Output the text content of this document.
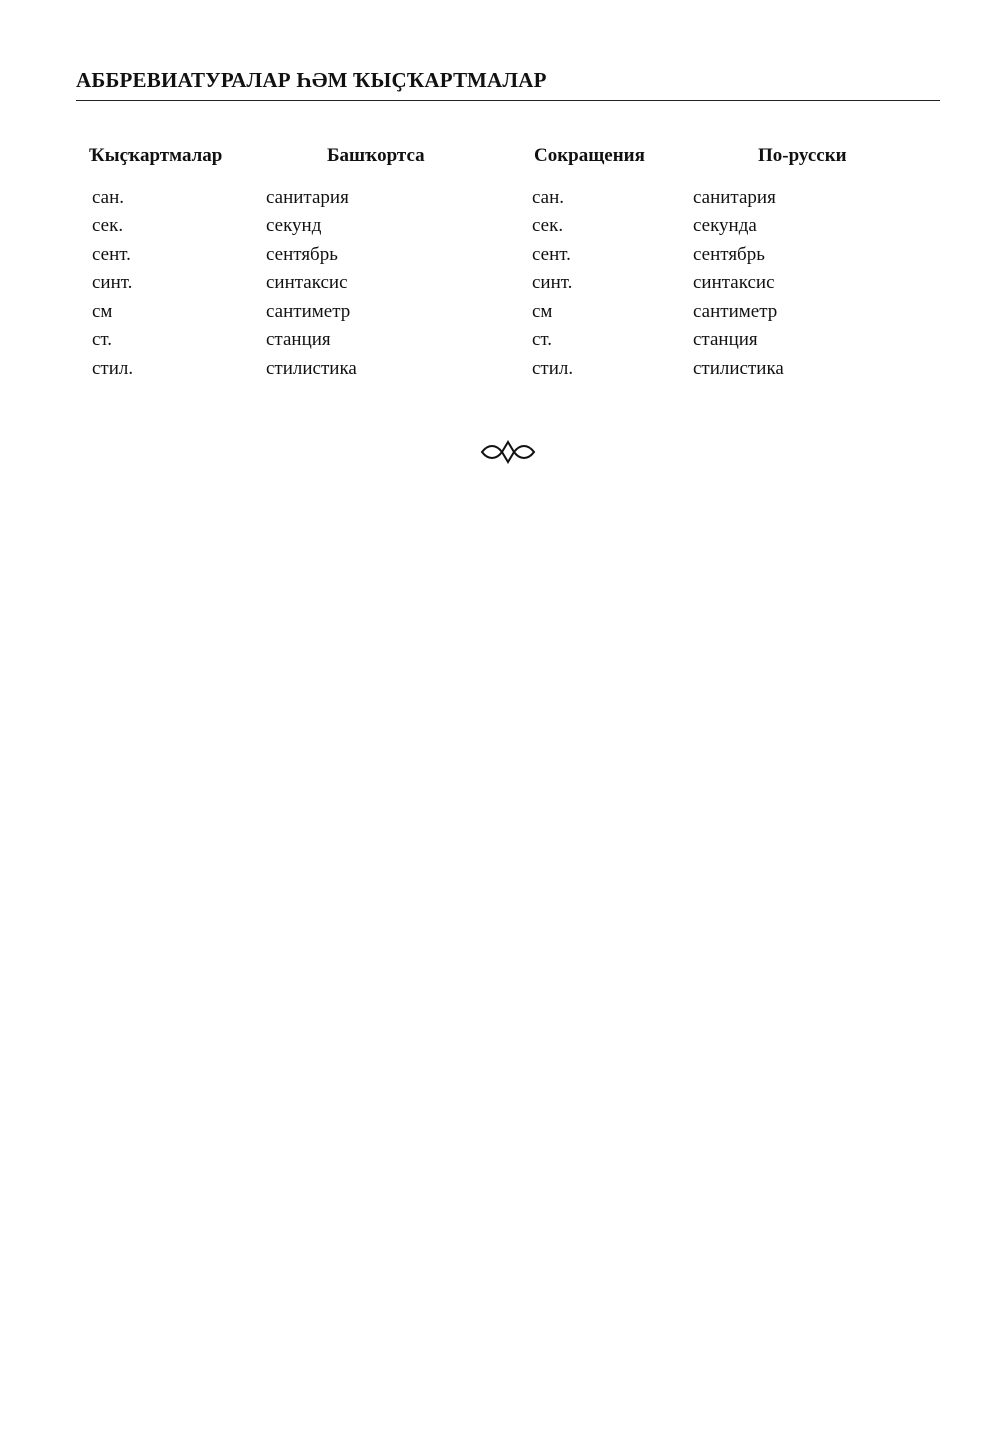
АББРЕВИАТУРАЛАР ҺӘМ ҠЫҪҠАРТМАЛАР
Ҡыҫҡартмалар	Башҡортса	Сокращения	По-русски
сан.	санитария	сан.	санитария
сек.	секунд	сек.	секунда
сент.	сентябрь	сент.	сентябрь
синт.	синтаксис	синт.	синтаксис
см	сантиметр	см	сантиметр
ст.	станция	ст.	станция
стил.	стилистика	стил.	стилистика
